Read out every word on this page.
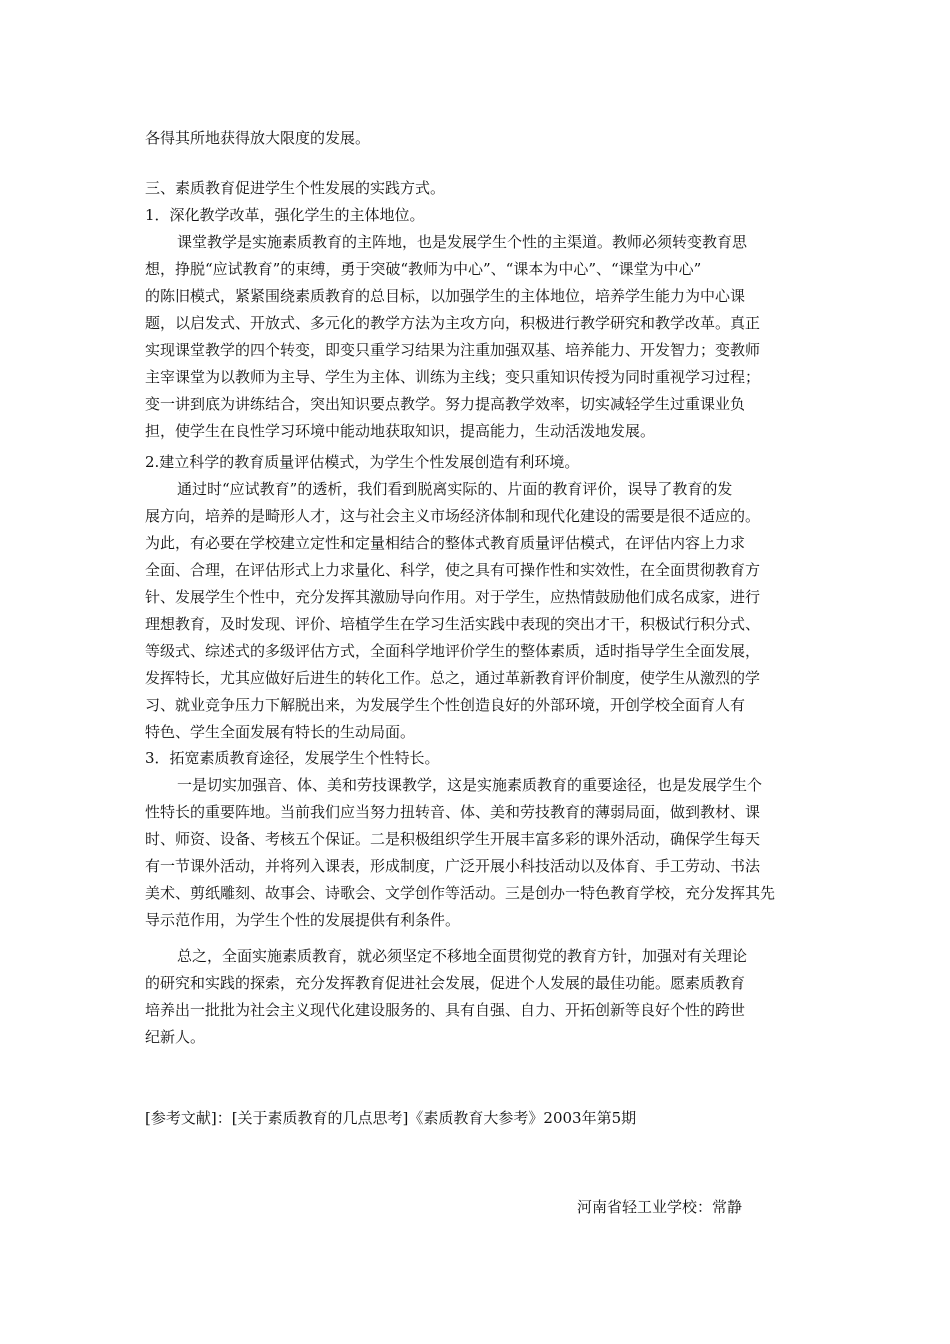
各得其所地获得放大限度的发展。
三、素质教育促进学生个性发展的实践方式。
1．深化教学改革，强化学生的主体地位。
课堂教学是实施素质教育的主阵地，也是发展学生个性的主渠道。教师必须转变教育思
想，挣脱“应试教育”的束缚，勇于突破“教师为中心”、“课本为中心”、“课堂为中心”
的陈旧模式，紧紧围绕素质教育的总目标，以加强学生的主体地位，培养学生能力为中心课
题，以启发式、开放式、多元化的教学方法为主攻方向，积极进行教学研究和教学改革。真正
实现课堂教学的四个转变，即变只重学习结果为注重加强双基、培养能力、开发智力；变教师
主宰课堂为以教师为主导、学生为主体、训练为主线；变只重知识传授为同时重视学习过程；
变一讲到底为讲练结合，突出知识要点教学。努力提高教学效率，切实减轻学生过重课业负
担，使学生在良性学习环境中能动地获取知识，提高能力，生动活泼地发展。
2.建立科学的教育质量评估模式，为学生个性发展创造有利环境。
通过时“应试教育”的透析，我们看到脱离实际的、片面的教育评价，误导了教育的发
展方向，培养的是畸形人才，这与社会主义市场经济体制和现代化建设的需要是很不适应的。
为此，有必要在学校建立定性和定量相结合的整体式教育质量评估模式，在评估内容上力求
全面、合理，在评估形式上力求量化、科学，使之具有可操作性和实效性，在全面贯彻教育方
针、发展学生个性中，充分发挥其激励导向作用。对于学生，应热情鼓励他们成名成家，进行
理想教育，及时发现、评价、培植学生在学习生活实践中表现的突出才干，积极试行积分式、
等级式、综述式的多级评估方式，全面科学地评价学生的整体素质，适时指导学生全面发展，
发挥特长，尤其应做好后进生的转化工作。总之，通过革新教育评价制度，使学生从激烈的学
习、就业竞争压力下解脱出来，为发展学生个性创造良好的外部环境，开创学校全面育人有
特色、学生全面发展有特长的生动局面。
3．拓宽素质教育途径，发展学生个性特长。
一是切实加强音、体、美和劳技课教学，这是实施素质教育的重要途径，也是发展学生个
性特长的重要阵地。当前我们应当努力扭转音、体、美和劳技教育的薄弱局面，做到教材、课
时、师资、设备、考核五个保证。二是积极组织学生开展丰富多彩的课外活动，确保学生每天
有一节课外活动，并将列入课表，形成制度，广泛开展小科技活动以及体育、手工劳动、书法
美术、剪纸雕刻、故事会、诗歌会、文学创作等活动。三是创办一特色教育学校，充分发挥其先
导示范作用，为学生个性的发展提供有利条件。
总之，全面实施素质教育，就必须坚定不移地全面贯彻党的教育方针，加强对有关理论
的研究和实践的探索，充分发挥教育促进社会发展，促进个人发展的最佳功能。愿素质教育
培养出一批批为社会主义现代化建设服务的、具有自强、自力、开拓创新等良好个性的跨世
纪新人。
[参考文献]：[关于素质教育的几点思考]《素质教育大参考》2003年第5期
河南省轻工业学校：常静
